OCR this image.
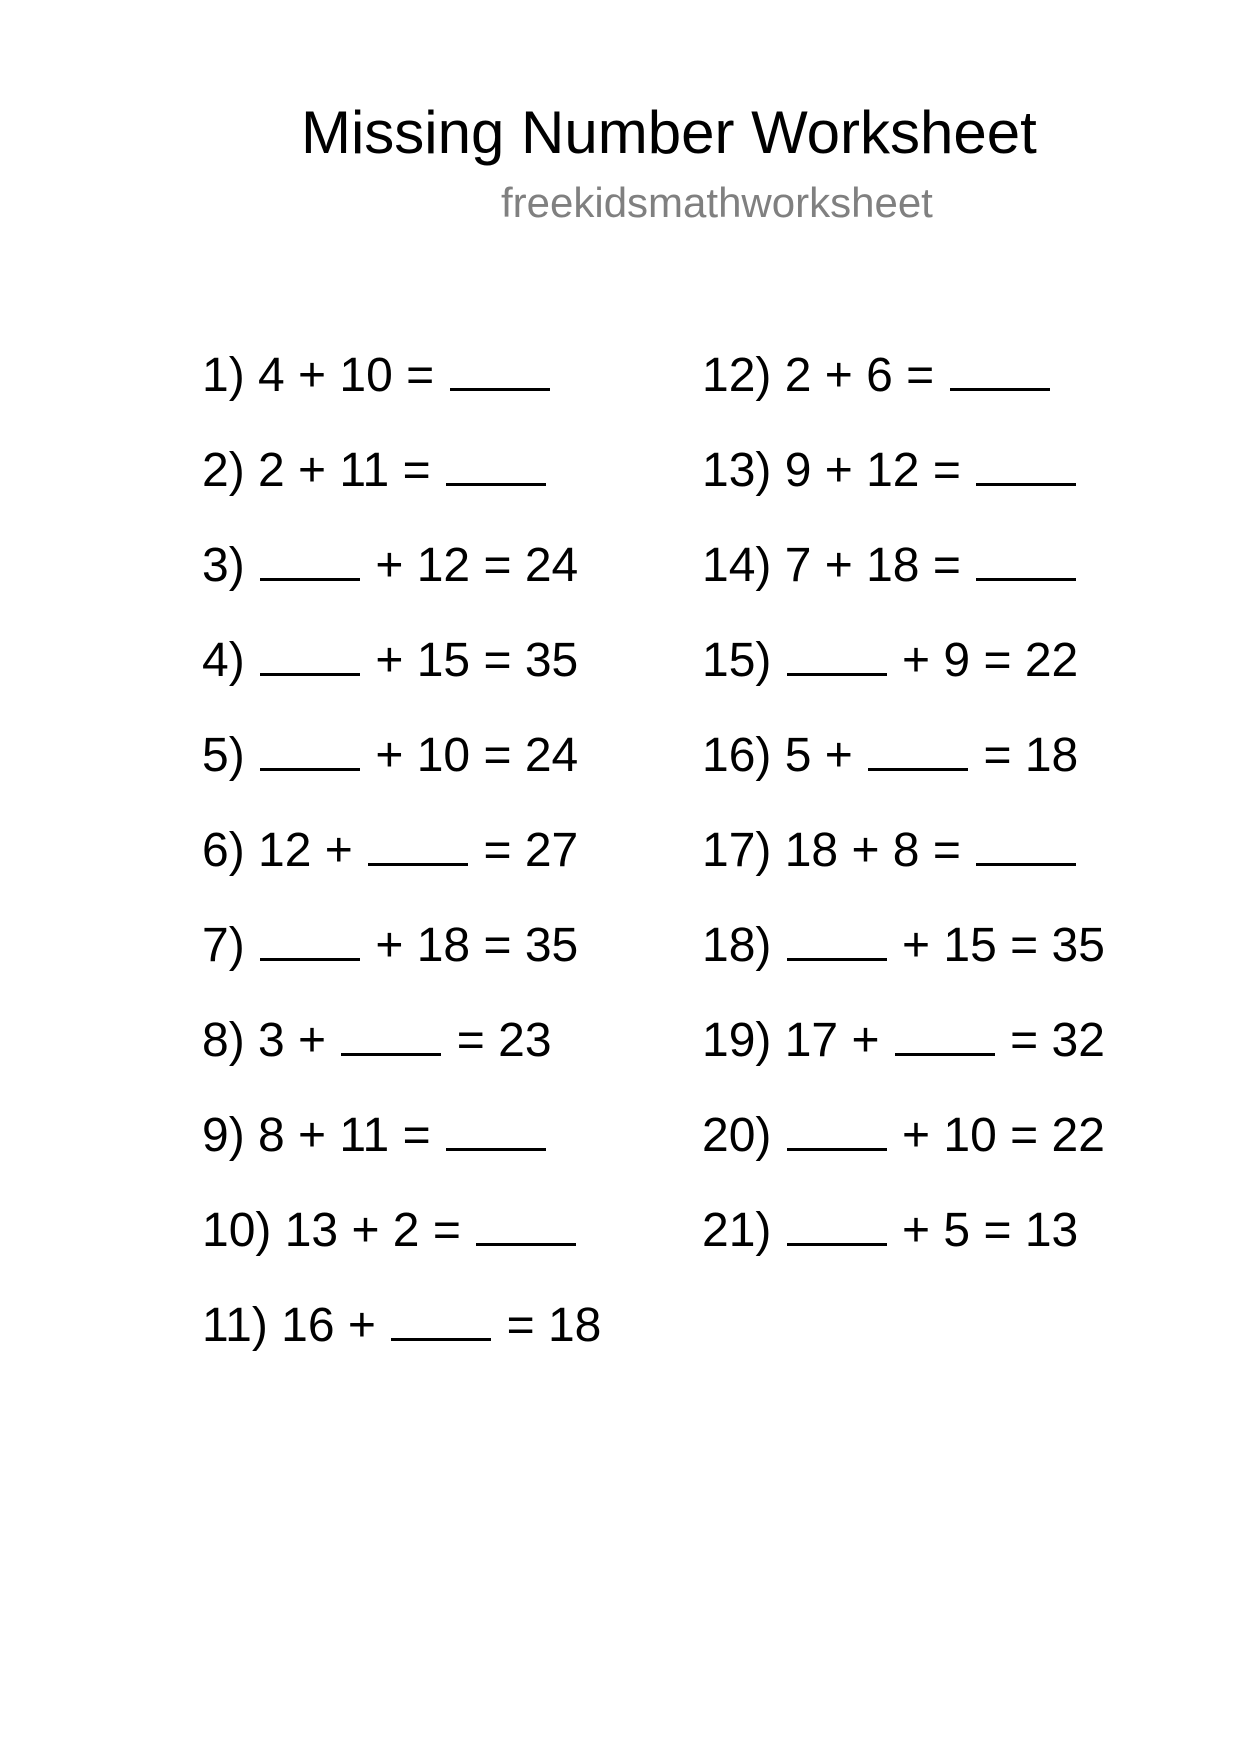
Missing Number Worksheet
freekidsmathworksheet
1) 4 + 10 =
2) 2 + 11 =
3)  + 12 = 24
4)  + 15 = 35
5)  + 10 = 24
6) 12 +  = 27
7)  + 18 = 35
8) 3 +  = 23
9) 8 + 11 =
10) 13 + 2 =
11) 16 +  = 18
12) 2 + 6 =
13) 9 + 12 =
14) 7 + 18 =
15)  + 9 = 22
16) 5 +  = 18
17) 18 + 8 =
18)  + 15 = 35
19) 17 +  = 32
20)  + 10 = 22
21)  + 5 = 13
